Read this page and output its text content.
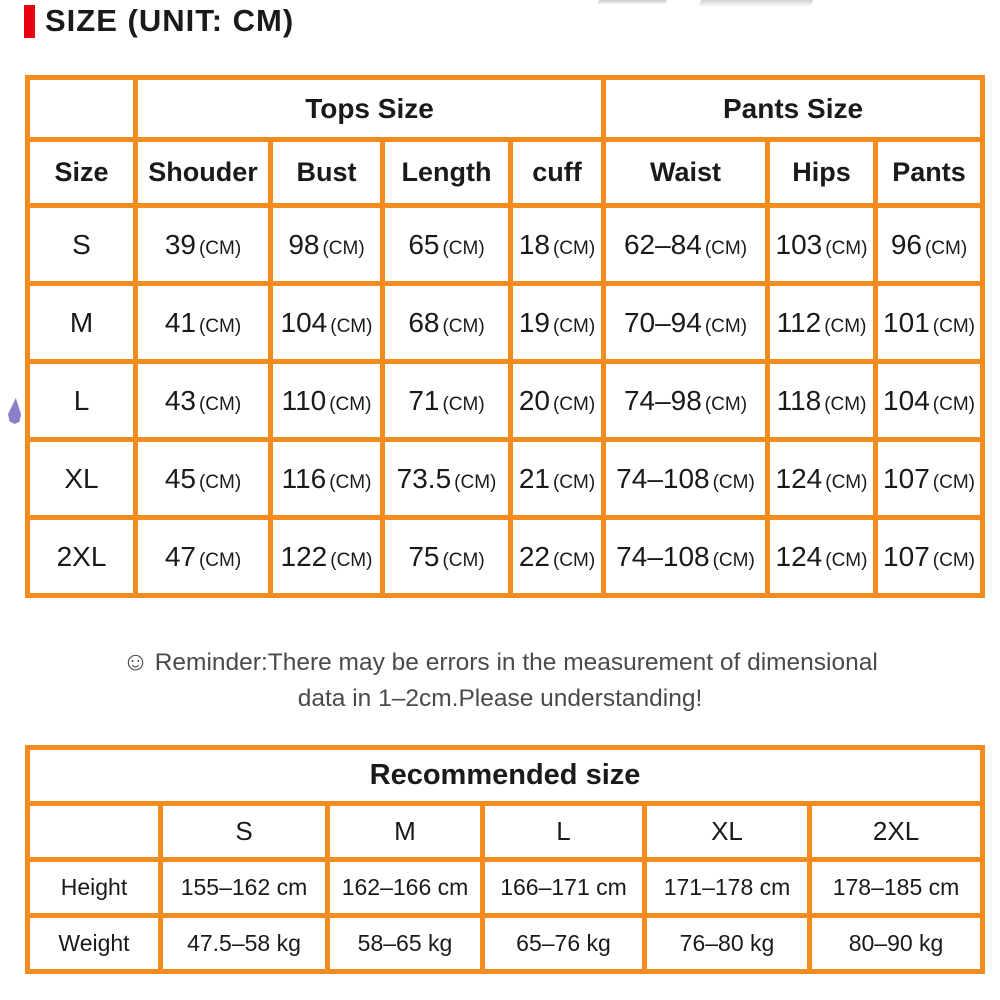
SIZE (UNIT: CM)
	Tops Size				Pants Size		
Size	Shouder	Bust	Length	cuff	Waist	Hips	Pants
S	39 (CM)	98 (CM)	65 (CM)	18 (CM)	62–84 (CM)	103 (CM)	96 (CM)
M	41 (CM)	104 (CM)	68 (CM)	19 (CM)	70–94 (CM)	112 (CM)	101 (CM)
L	43 (CM)	110 (CM)	71 (CM)	20 (CM)	74–98 (CM)	118 (CM)	104 (CM)
XL	45 (CM)	116 (CM)	73.5 (CM)	21 (CM)	74–108 (CM)	124 (CM)	107 (CM)
2XL	47 (CM)	122 (CM)	75 (CM)	22 (CM)	74–108 (CM)	124 (CM)	107 (CM)
☺ Reminder:There may be errors in the measurement of dimensional
data in 1–2cm.Please understanding!
Recommended size					
	S	M	L	XL	2XL
Height	155–162 cm	162–166 cm	166–171 cm	171–178 cm	178–185 cm
Weight	47.5–58 kg	58–65 kg	65–76 kg	76–80 kg	80–90 kg
